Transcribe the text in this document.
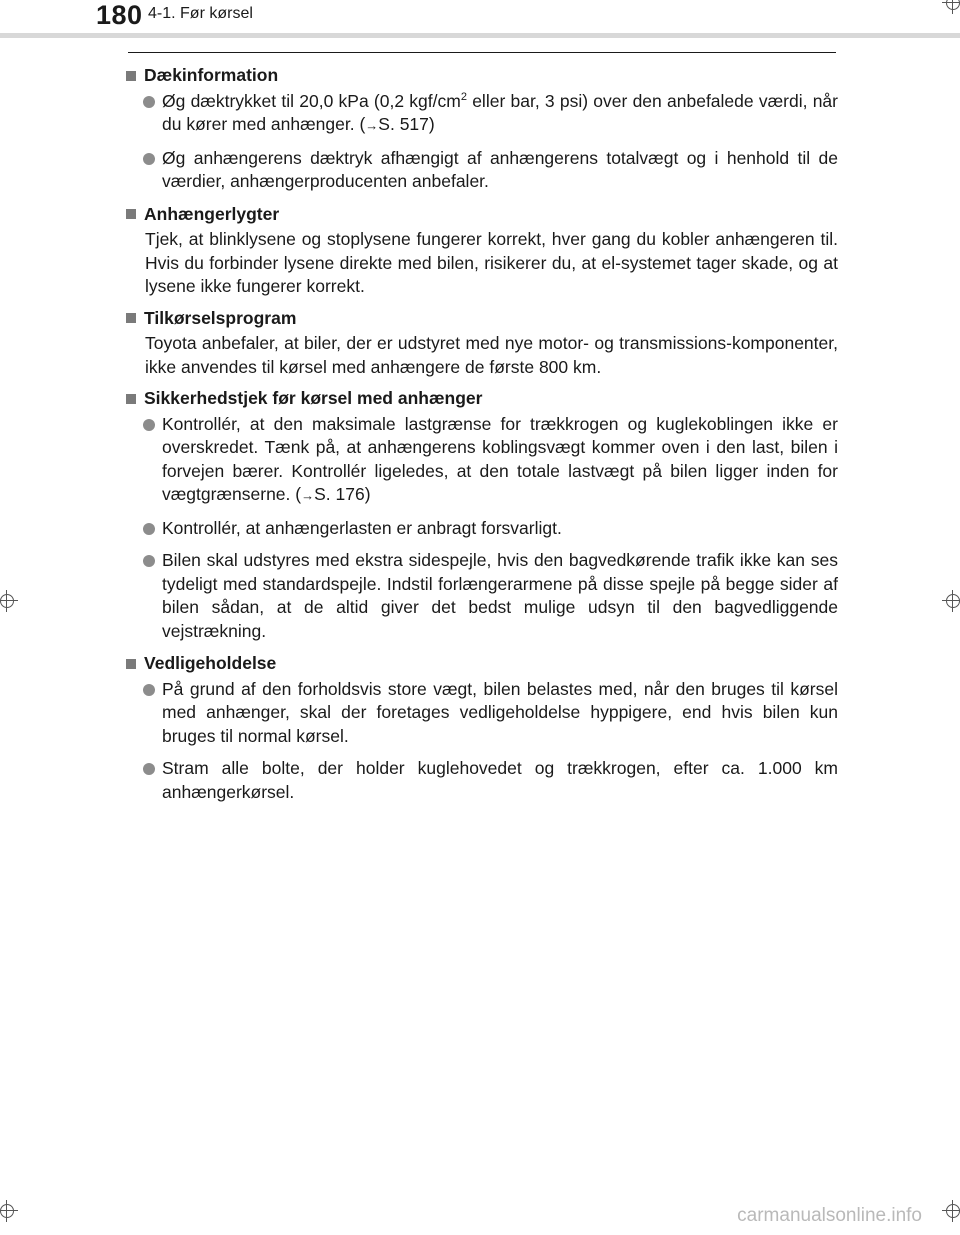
180 4-1. Før kørsel
Dækinformation
Øg dæktrykket til 20,0 kPa (0,2 kgf/$cm^2$ eller bar, 3 psi) over den anbefalede værdi, når du kører med anhænger. (→S. 517)
Øg anhængerens dæktryk afhængigt af anhængerens totalvægt og i henhold til de værdier, anhængerproducenten anbefaler.
Anhængerlygter
Tjek, at blinklysene og stoplysene fungerer korrekt, hver gang du kobler anhængeren til. Hvis du forbinder lysene direkte med bilen, risikerer du, at el-systemet tager skade, og at lysene ikke fungerer korrekt.
Tilkørselsprogram
Toyota anbefaler, at biler, der er udstyret med nye motor- og transmissions-komponenter, ikke anvendes til kørsel med anhængere de første 800 km.
Sikkerhedstjek før kørsel med anhænger
Kontrollér, at den maksimale lastgrænse for trækkrogen og kuglekoblingen ikke er overskredet. Tænk på, at anhængerens koblingsvægt kommer oven i den last, bilen i forvejen bærer. Kontrollér ligeledes, at den totale lastvægt på bilen ligger inden for vægtgrænserne. (→S. 176)
Kontrollér, at anhængerlasten er anbragt forsvarligt.
Bilen skal udstyres med ekstra sidespejle, hvis den bagvedkørende trafik ikke kan ses tydeligt med standardspejle. Indstil forlængerarmene på disse spejle på begge sider af bilen sådan, at de altid giver det bedst mulige udsyn til den bagvedliggende vejstrækning.
Vedligeholdelse
På grund af den forholdsvis store vægt, bilen belastes med, når den bruges til kørsel med anhænger, skal der foretages vedligeholdelse hyppigere, end hvis bilen kun bruges til normal kørsel.
Stram alle bolte, der holder kuglehovedet og trækkrogen, efter ca. 1.000 km anhængerkørsel.
carmanualsonline.info
